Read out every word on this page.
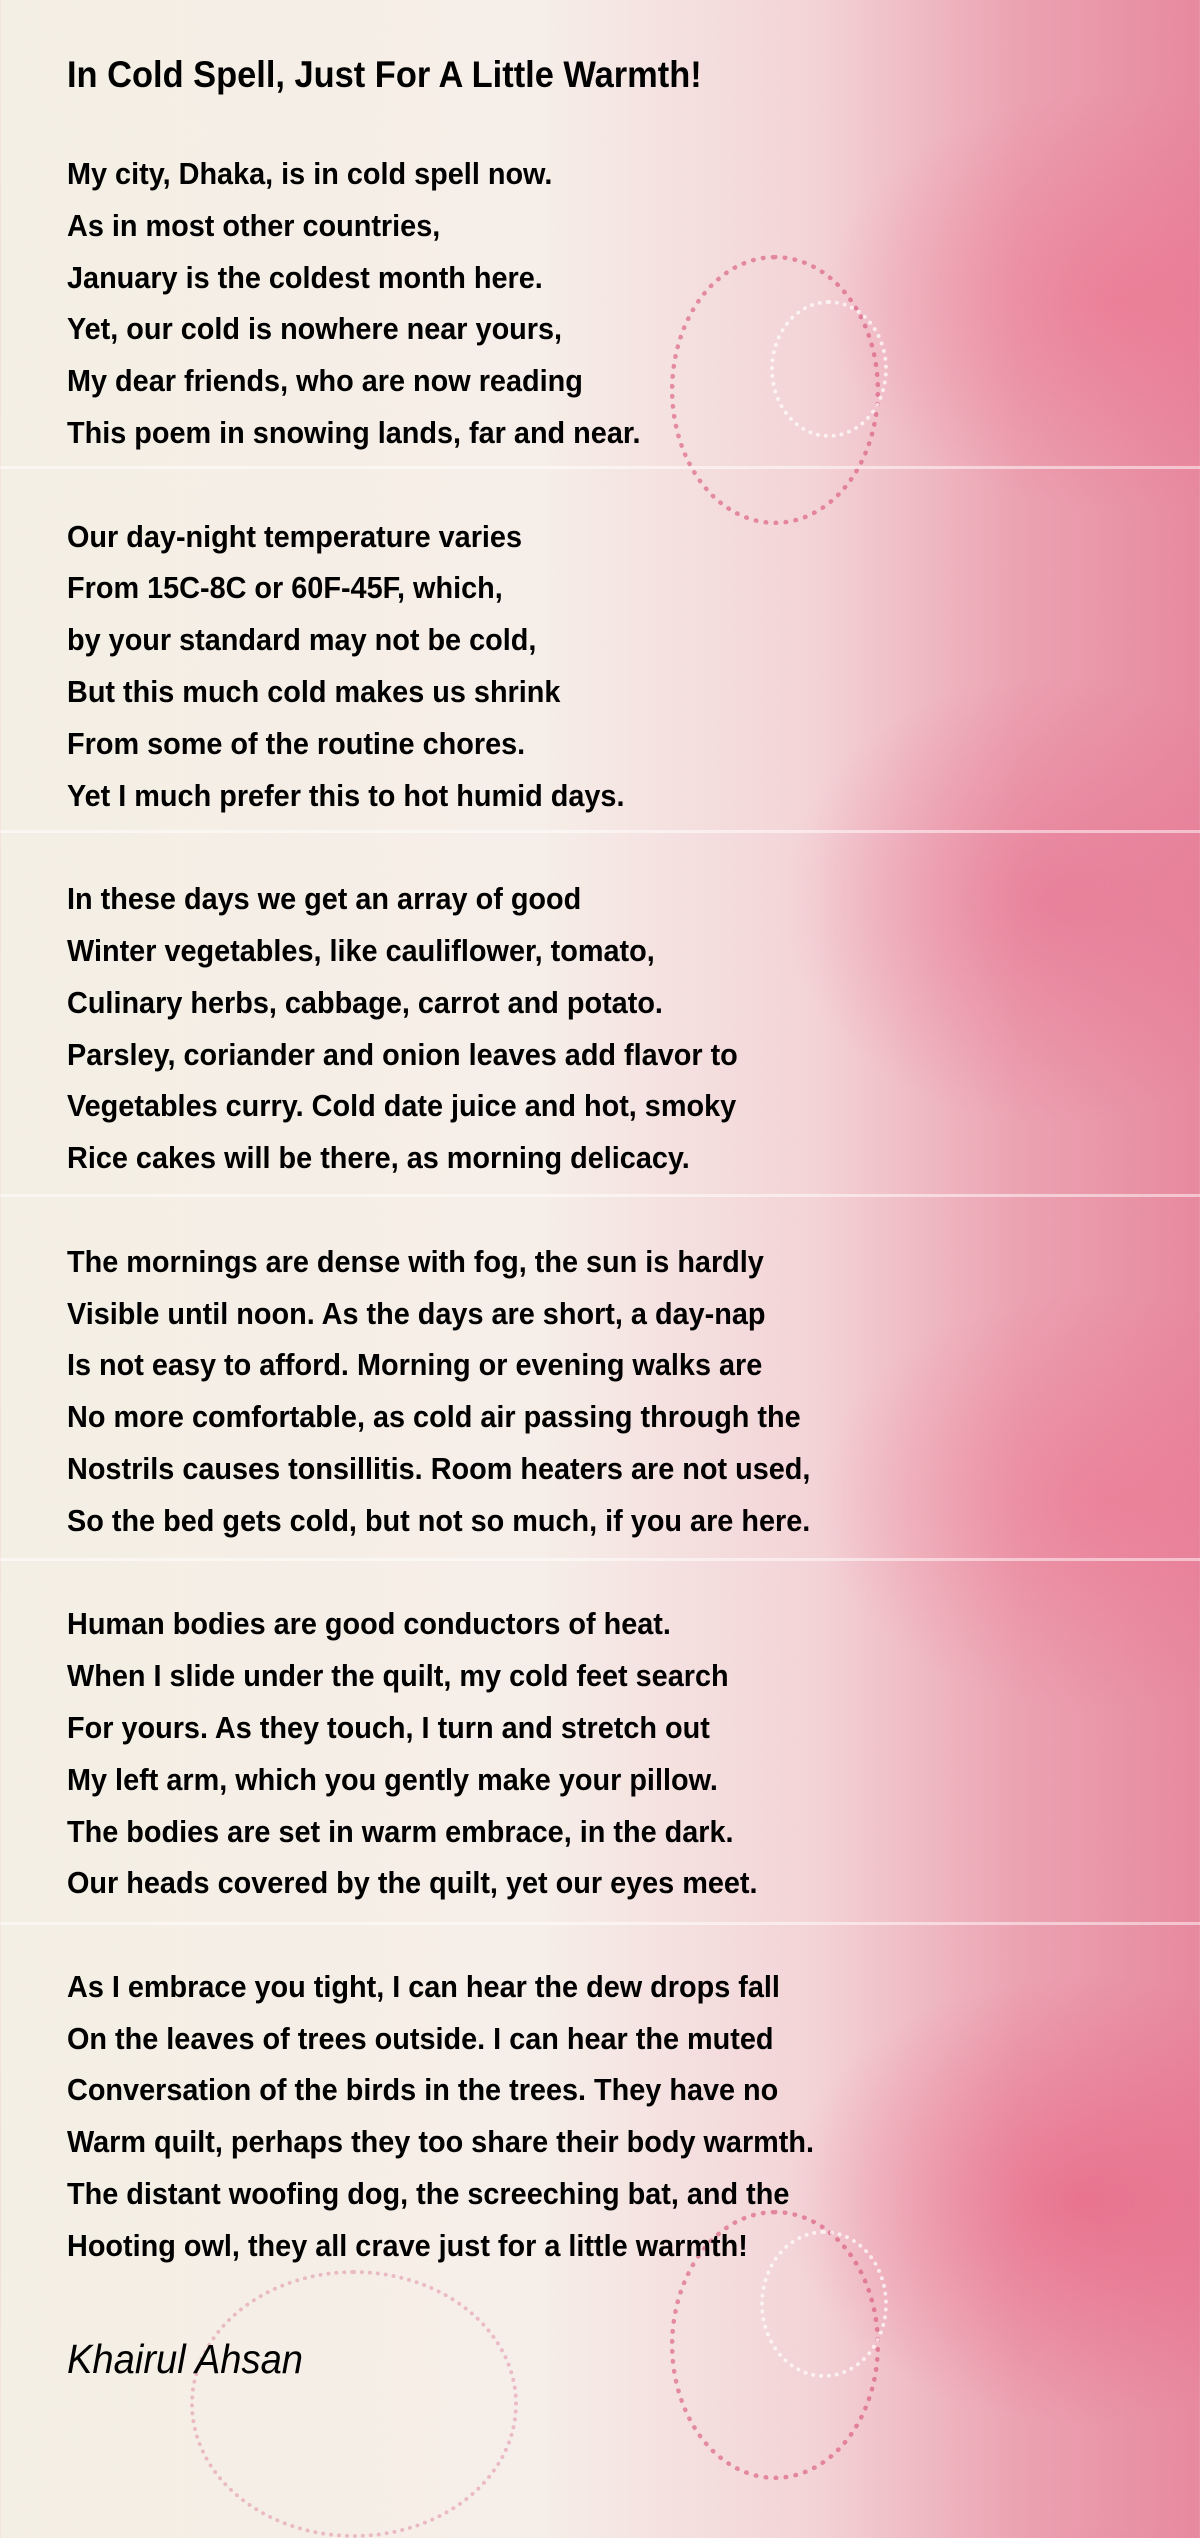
In Cold Spell, Just For A Little Warmth!
My city, Dhaka, is in cold spell now.
As in most other countries,
January is the coldest month here.
Yet, our cold is nowhere near yours,
My dear friends, who are now reading
This poem in snowing lands, far and near.
Our day-night temperature varies
From 15C-8C or 60F-45F, which,
by your standard may not be cold,
But this much cold makes us shrink
From some of the routine chores.
Yet I much prefer this to hot humid days.
In these days we get an array of good
Winter vegetables, like cauliflower, tomato,
Culinary herbs, cabbage, carrot and potato.
Parsley, coriander and onion leaves add flavor to
Vegetables curry. Cold date juice and hot, smoky
Rice cakes will be there, as morning delicacy.
The mornings are dense with fog, the sun is hardly
Visible until noon. As the days are short, a day-nap
Is not easy to afford. Morning or evening walks are
No more comfortable, as cold air passing through the
Nostrils causes tonsillitis. Room heaters are not used,
So the bed gets cold, but not so much, if you are here.
Human bodies are good conductors of heat.
When I slide under the quilt, my cold feet search
For yours. As they touch, I turn and stretch out
My left arm, which you gently make your pillow.
The bodies are set in warm embrace, in the dark.
Our heads covered by the quilt, yet our eyes meet.
As I embrace you tight, I can hear the dew drops fall
On the leaves of trees outside. I can hear the muted
Conversation of the birds in the trees. They have no
Warm quilt, perhaps they too share their body warmth.
The distant woofing dog, the screeching bat, and the
Hooting owl, they all crave just for a little warmth!
Khairul Ahsan
